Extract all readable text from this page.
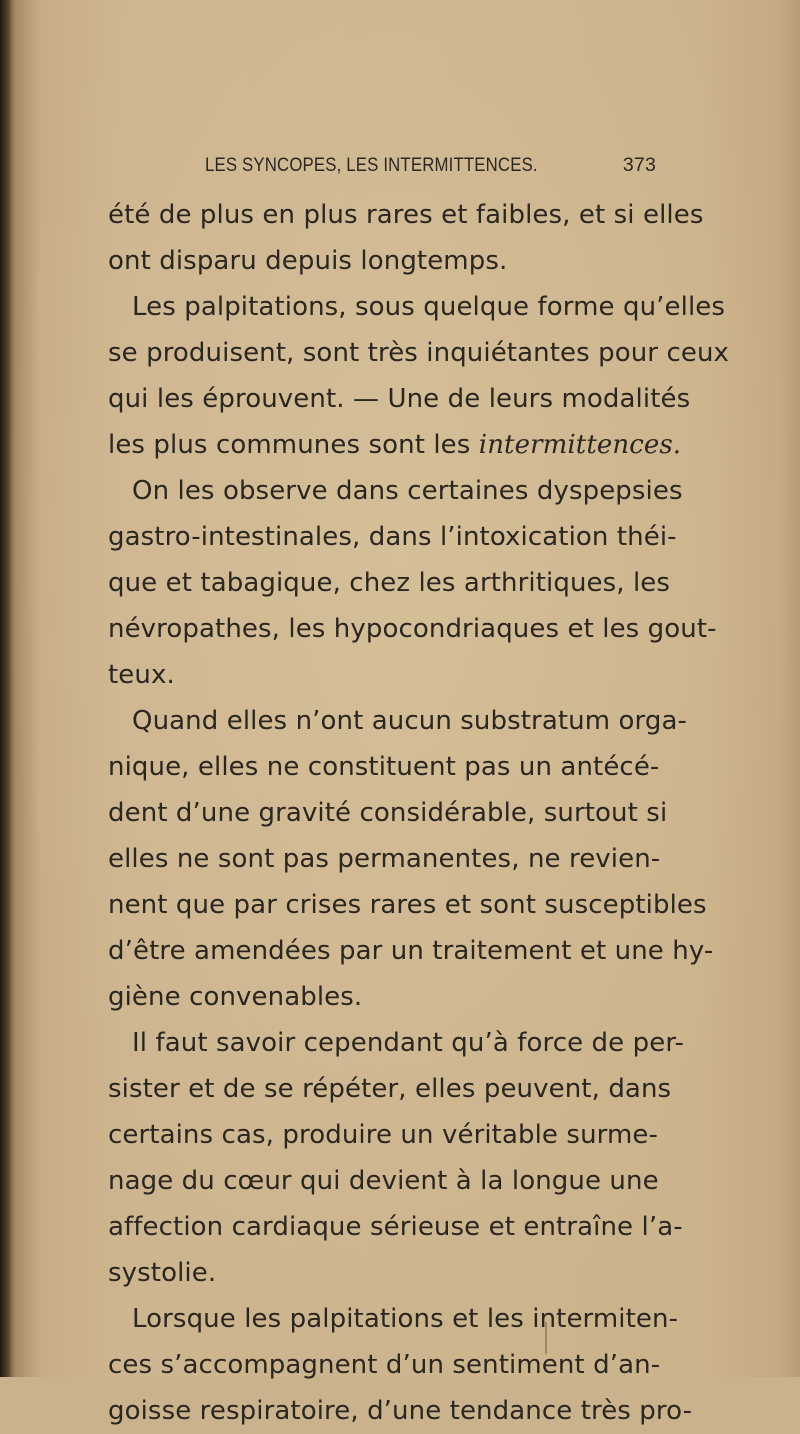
LES SYNCOPES, LES INTERMITTENCES.	373
été de plus en plus rares et faibles, et si elles
ont disparu depuis longtemps.
Les palpitations, sous quelque forme qu’elles
se produisent, sont très inquiétantes pour ceux
qui les éprouvent. — Une de leurs modalités
les plus communes sont les intermittences.
On les observe dans certaines dyspepsies
gastro-intestinales, dans l’intoxication théi-
que et tabagique, chez les arthritiques, les
névropathes, les hypocondriaques et les gout-
teux.
Quand elles n’ont aucun substratum orga-
nique, elles ne constituent pas un antécé-
dent d’une gravité considérable, surtout si
elles ne sont pas permanentes, ne revien-
nent que par crises rares et sont susceptibles
d’être amendées par un traitement et une hy-
giène convenables.
Il faut savoir cependant qu’à force de per-
sister et de se répéter, elles peuvent, dans
certains cas, produire un véritable surme-
nage du cœur qui devient à la longue une
affection cardiaque sérieuse et entraîne l’a-
systolie.
Lorsque les palpitations et les intermiten-
ces s’accompagnent d’un sentiment d’an-
goisse respiratoire, d’une tendance très pro-
